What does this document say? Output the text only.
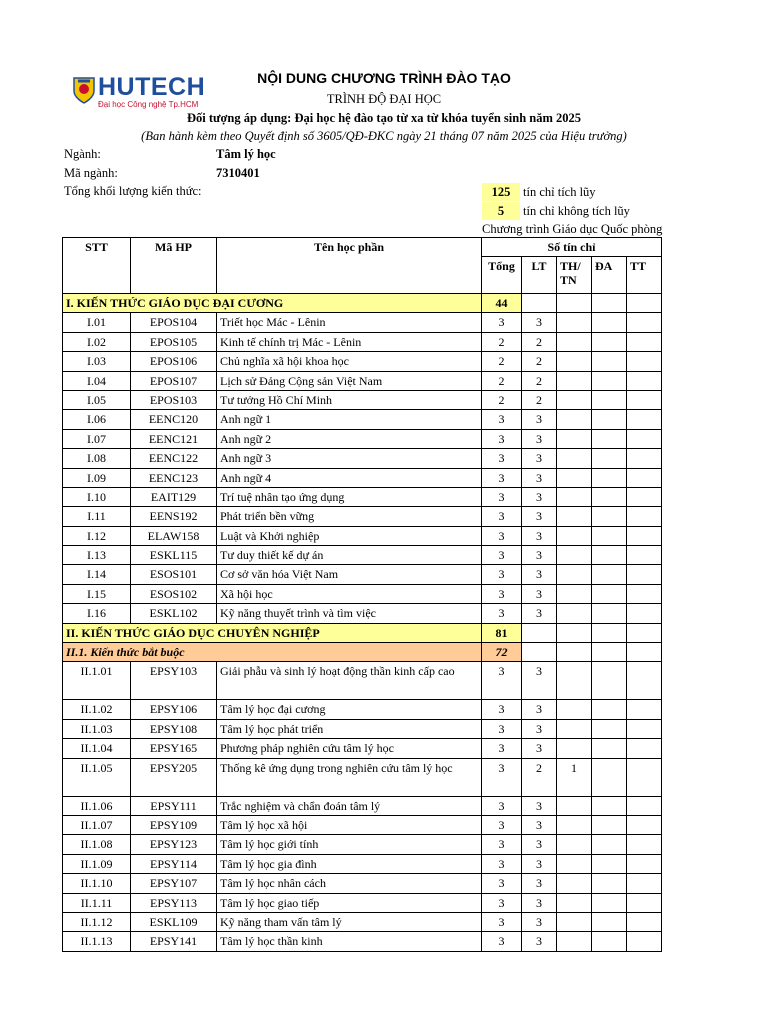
HUTECH
Đại học Công nghệ Tp.HCM
NỘI DUNG CHƯƠNG TRÌNH ĐÀO TẠO
TRÌNH ĐỘ ĐẠI HỌC
Đối tượng áp dụng: Đại học hệ đào tạo từ xa từ khóa tuyển sinh năm 2025
(Ban hành kèm theo Quyết định số 3605/QĐ-ĐKC ngày 21 tháng 07 năm 2025 của Hiệu trưởng)
Ngành:	Tâm lý học
Mã ngành:	7310401
Tổng khối lượng kiến thức:	125	tín chỉ tích lũy
5	tín chỉ không tích lũy
Chương trình Giáo dục Quốc phòng
STT	Mã HP	Tên học phần	Số tín chỉ				
			Tổng	LT	TH/ TN	ĐA	TT
I. KIẾN THỨC GIÁO DỤC ĐẠI CƯƠNG			44				
I.01	EPOS104	Triết học Mác - Lênin	3	3			
I.02	EPOS105	Kinh tế chính trị Mác - Lênin	2	2			
I.03	EPOS106	Chủ nghĩa xã hội khoa học	2	2			
I.04	EPOS107	Lịch sử Đảng Cộng sản Việt Nam	2	2			
I.05	EPOS103	Tư tưởng Hồ Chí Minh	2	2			
I.06	EENC120	Anh ngữ 1	3	3			
I.07	EENC121	Anh ngữ 2	3	3			
I.08	EENC122	Anh ngữ 3	3	3			
I.09	EENC123	Anh ngữ 4	3	3			
I.10	EAIT129	Trí tuệ nhân tạo ứng dụng	3	3			
I.11	EENS192	Phát triển bền vững	3	3			
I.12	ELAW158	Luật và Khởi nghiệp	3	3			
I.13	ESKL115	Tư duy thiết kế dự án	3	3			
I.14	ESOS101	Cơ sở văn hóa Việt Nam	3	3			
I.15	ESOS102	Xã hội học	3	3			
I.16	ESKL102	Kỹ năng thuyết trình và tìm việc	3	3			
II. KIẾN THỨC GIÁO DỤC CHUYÊN NGHIỆP			81				
II.1. Kiến thức bắt buộc			72				
II.1.01	EPSY103	Giải phẫu và sinh lý hoạt động thần kinh cấp cao	3	3			
II.1.02	EPSY106	Tâm lý học đại cương	3	3			
II.1.03	EPSY108	Tâm lý học phát triển	3	3			
II.1.04	EPSY165	Phương pháp nghiên cứu tâm lý học	3	3			
II.1.05	EPSY205	Thống kê ứng dụng trong nghiên cứu tâm lý học	3	2	1		
II.1.06	EPSY111	Trắc nghiệm và chẩn đoán tâm lý	3	3			
II.1.07	EPSY109	Tâm lý học xã hội	3	3			
II.1.08	EPSY123	Tâm lý học giới tính	3	3			
II.1.09	EPSY114	Tâm lý học gia đình	3	3			
II.1.10	EPSY107	Tâm lý học nhân cách	3	3			
II.1.11	EPSY113	Tâm lý học giao tiếp	3	3			
II.1.12	ESKL109	Kỹ năng tham vấn tâm lý	3	3			
II.1.13	EPSY141	Tâm lý học thần kinh	3	3			
